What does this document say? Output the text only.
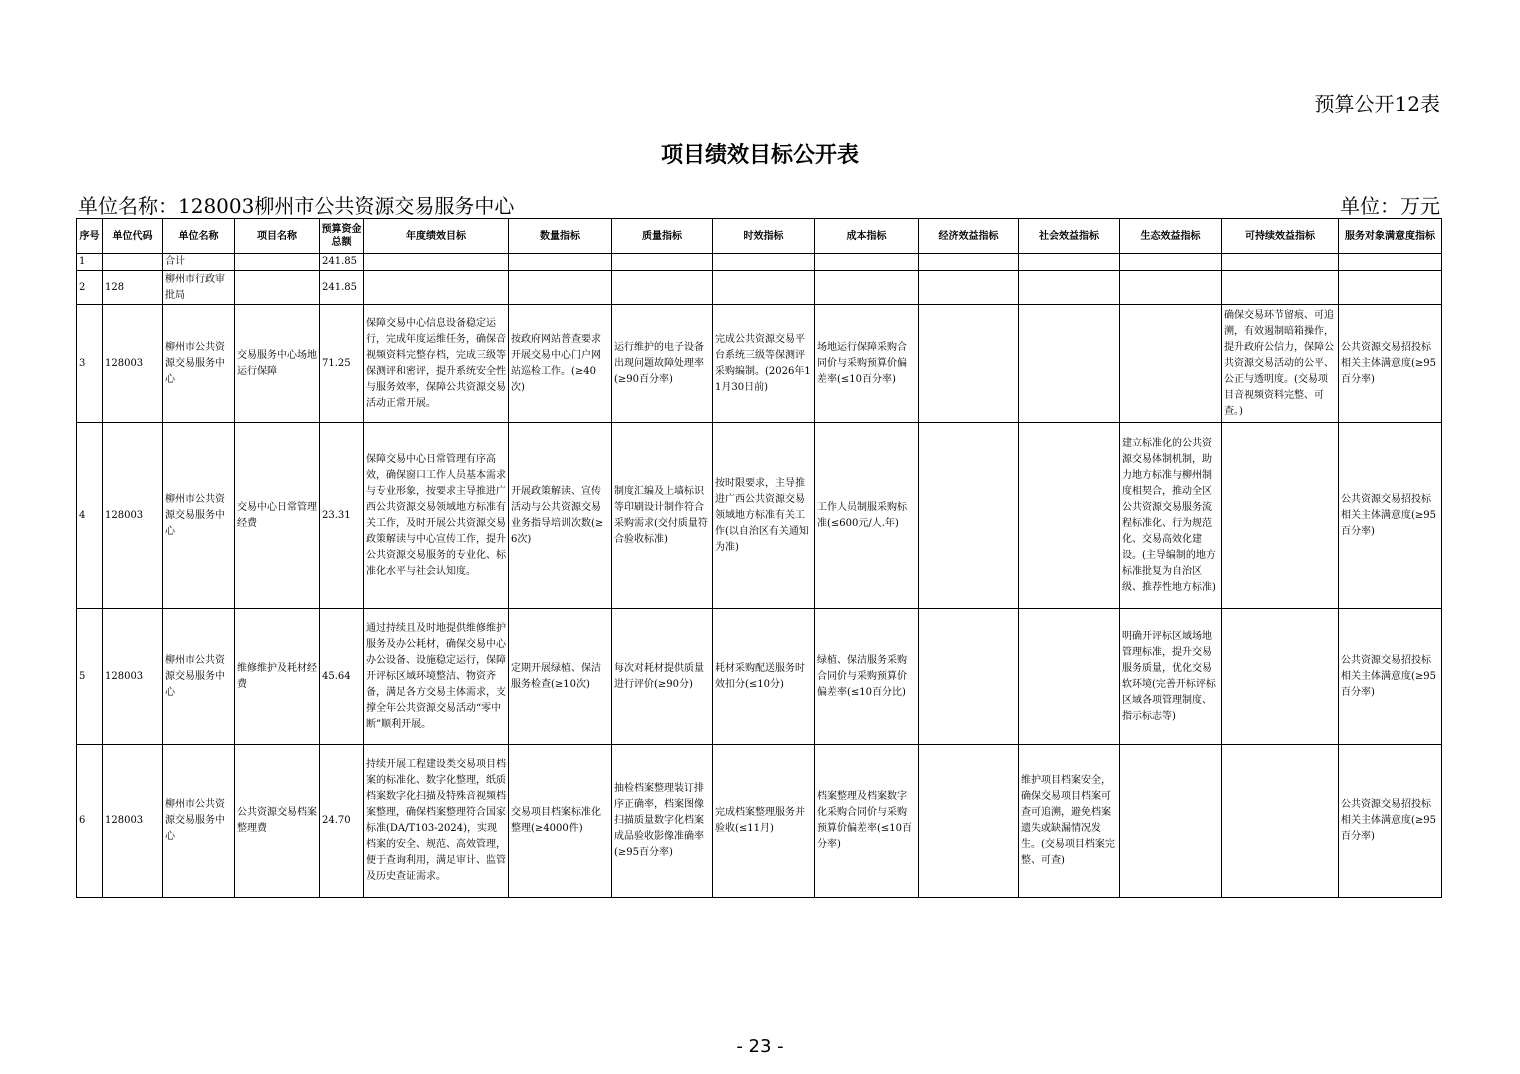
预算公开12表
项目绩效目标公开表
单位名称：128003柳州市公共资源交易服务中心	单位：万元
序号	单位代码	单位名称	项目名称	预算资金总额	年度绩效目标	数量指标	质量指标	时效指标	成本指标	经济效益指标	社会效益指标	生态效益指标	可持续效益指标	服务对象满意度指标
1		合计		241.85										
2	128	柳州市行政审批局		241.85										
3	128003	柳州市公共资源交易服务中心	交易服务中心场地运行保障	71.25	保障交易中心信息设备稳定运行，完成年度运维任务，确保音视频资料完整存档，完成三级等保测评和密评，提升系统安全性与服务效率，保障公共资源交易活动正常开展。	按政府网站普查要求开展交易中心门户网站巡检工作。(≥40次)	运行维护的电子设备出现问题故障处理率(≥90百分率)	完成公共资源交易平台系统三级等保测评采购编制。(2026年11月30日前)	场地运行保障采购合同价与采购预算价偏差率(≤10百分率)				确保交易环节留痕、可追溯，有效遏制暗箱操作，提升政府公信力，保障公共资源交易活动的公平、公正与透明度。(交易项目音视频资料完整、可查。)	公共资源交易招投标相关主体满意度(≥95百分率)
4	128003	柳州市公共资源交易服务中心	交易中心日常管理经费	23.31	保障交易中心日常管理有序高效，确保窗口工作人员基本需求与专业形象，按要求主导推进广西公共资源交易领域地方标准有关工作，及时开展公共资源交易政策解读与中心宣传工作，提升公共资源交易服务的专业化、标准化水平与社会认知度。	开展政策解读、宣传活动与公共资源交易业务指导培训次数(≥6次)	制度汇编及上墙标识等印刷设计制作符合采购需求(交付质量符合验收标准)	按时限要求，主导推进广西公共资源交易领域地方标准有关工作(以自治区有关通知为准)	工作人员制服采购标准(≤600元/人.年)			建立标准化的公共资源交易体制机制，助力地方标准与柳州制度相契合，推动全区公共资源交易服务流程标准化、行为规范化、交易高效化建设。(主导编制的地方标准批复为自治区级、推荐性地方标准)		公共资源交易招投标相关主体满意度(≥95百分率)
5	128003	柳州市公共资源交易服务中心	维修维护及耗材经费	45.64	通过持续且及时地提供维修维护服务及办公耗材，确保交易中心办公设备、设施稳定运行，保障开评标区域环境整洁、物资齐备，满足各方交易主体需求，支撑全年公共资源交易活动“零中断”顺利开展。	定期开展绿植、保洁服务检查(≥10次)	每次对耗材提供质量进行评价(≥90分)	耗材采购配送服务时效扣分(≤10分)	绿植、保洁服务采购合同价与采购预算价偏差率(≤10百分比)			明确开评标区域场地管理标准，提升交易服务质量，优化交易软环境(完善开标评标区域各项管理制度、指示标志等)		公共资源交易招投标相关主体满意度(≥95百分率)
6	128003	柳州市公共资源交易服务中心	公共资源交易档案整理费	24.70	持续开展工程建设类交易项目档案的标准化、数字化整理，纸质档案数字化扫描及特殊音视频档案整理，确保档案整理符合国家标准(DA/T103-2024)，实现档案的安全、规范、高效管理，便于查询利用，满足审计、监管及历史查证需求。	交易项目档案标准化整理(≥4000件)	抽检档案整理装订排序正确率，档案图像扫描质量数字化档案成品验收影像准确率(≥95百分率)	完成档案整理服务并验收(≤11月)	档案整理及档案数字化采购合同价与采购预算价偏差率(≤10百分率)		维护项目档案安全，确保交易项目档案可查可追溯，避免档案遗失或缺漏情况发生。(交易项目档案完整、可查)			公共资源交易招投标相关主体满意度(≥95百分率)
- 23 -
